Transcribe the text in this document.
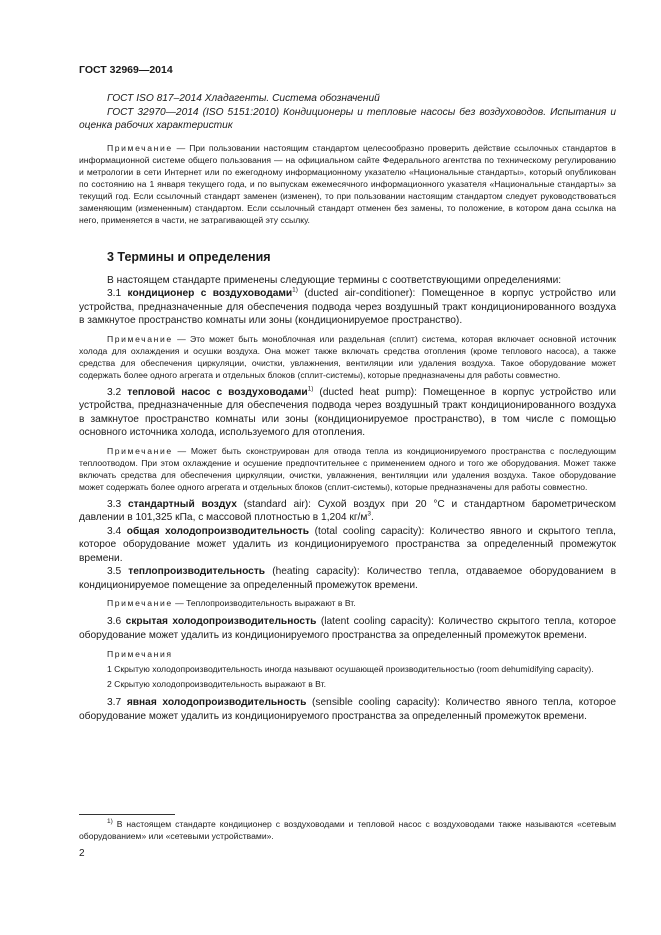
ГОСТ 32969—2014

ГОСТ ISO 817–2014 Хладагенты. Система обозначений

ГОСТ 32970—2014 (ISO 5151:2010) Кондиционеры и тепловые насосы без воздуховодов. Испытания и оценка рабочих характеристик

Примечание — При пользовании настоящим стандартом целесообразно проверить действие ссылочных стандартов в информационной системе общего пользования — на официальном сайте Федерального агентства по техническому регулированию и метрологии в сети Интернет или по ежегодному информационному указателю «Национальные стандарты», который опубликован по состоянию на 1 января текущего года, и по выпускам ежемесячного информационного указателя «Национальные стандарты» за текущий год. Если ссылочный стандарт заменен (изменен), то при пользовании настоящим стандартом следует руководствоваться заменяющим (измененным) стандартом. Если ссылочный стандарт отменен без замены, то положение, в котором дана ссылка на него, применяется в части, не затрагивающей эту ссылку.

3 Термины и определения

В настоящем стандарте применены следующие термины с соответствующими определениями:

3.1 кондиционер с воздуховодами$^{1)}$ (ducted air-conditioner): Помещенное в корпус устройство или устройства, предназначенные для обеспечения подвода через воздушный тракт кондиционированного воздуха в замкнутое пространство комнаты или зоны (кондиционируемое пространство).

Примечание — Это может быть моноблочная или раздельная (сплит) система, которая включает основной источник холода для охлаждения и осушки воздуха. Она может также включать средства отопления (кроме теплового насоса), а также средства для обеспечения циркуляции, очистки, увлажнения, вентиляции или удаления воздуха. Такое оборудование может содержать более одного агрегата и отдельных блоков (сплит-системы), которые предназначены для работы совместно.

3.2 тепловой насос с воздуховодами$^{1)}$ (ducted heat pump): Помещенное в корпус устройство или устройства, предназначенные для обеспечения подвода через воздушный тракт кондиционированного воздуха в замкнутое пространство комнаты или зоны (кондиционируемое пространство), в том числе с помощью основного источника холода, используемого для отопления.

Примечание — Может быть сконструирован для отвода тепла из кондиционируемого пространства с последующим теплоотводом. При этом охлаждение и осушение предпочтительнее с применением одного и того же оборудования. Может также включать средства для обеспечения циркуляции, очистки, увлажнения, вентиляции или удаления воздуха. Такое оборудование может содержать более одного агрегата и отдельных блоков (сплит-системы), которые предназначены для работы совместно.

3.3 стандартный воздух (standard air): Сухой воздух при 20 °С и стандартном барометрическом давлении в 101,325 кПа, с массовой плотностью в 1,204 $кг/м^3$.

3.4 общая холодопроизводительность (total cooling capacity): Количество явного и скрытого тепла, которое оборудование может удалить из кондиционируемого пространства за определенный промежуток времени.

3.5 теплопроизводительность (heating capacity): Количество тепла, отдаваемое оборудованием в кондиционируемое помещение за определенный промежуток времени.

Примечание — Теплопроизводительность выражают в Вт.

3.6 скрытая холодопроизводительность (latent cooling capacity): Количество скрытого тепла, которое оборудование может удалить из кондиционируемого пространства за определенный промежуток времени.

Примечания

1 Скрытую холодопроизводительность иногда называют осушающей производительностью (room dehumidifying capacity).

2 Скрытую холодопроизводительность выражают в Вт.

3.7 явная холодопроизводительность (sensible cooling capacity): Количество явного тепла, которое оборудование может удалить из кондиционируемого пространства за определенный промежуток времени.

$^{1)}$ В настоящем стандарте кондиционер с воздуховодами и тепловой насос с воздуховодами также называются «сетевым оборудованием» или «сетевыми устройствами».

2
